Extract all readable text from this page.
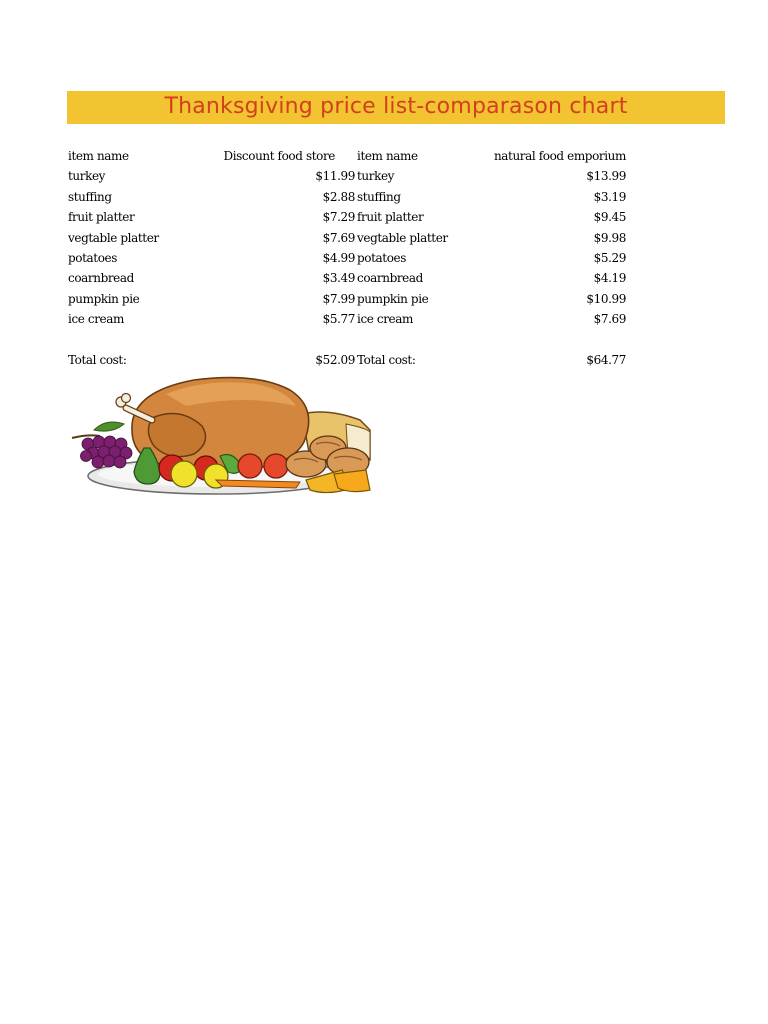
Thanksgiving price list-comparason chart
item name	Discount food store item name	natural food emporium
turkey	$11.99 turkey	$13.99
stuffing	$2.88 stuffing	$3.19
fruit platter	$7.29 fruit platter	$9.45
vegtable platter	$7.69 vegtable platter	$9.98
potatoes	$4.99 potatoes	$5.29
coarnbread	$3.49 coarnbread	$4.19
pumpkin pie	$7.99 pumpkin pie	$10.99
ice cream	$5.77 ice cream	$7.69
Total cost:	$52.09 Total cost:	$64.77
